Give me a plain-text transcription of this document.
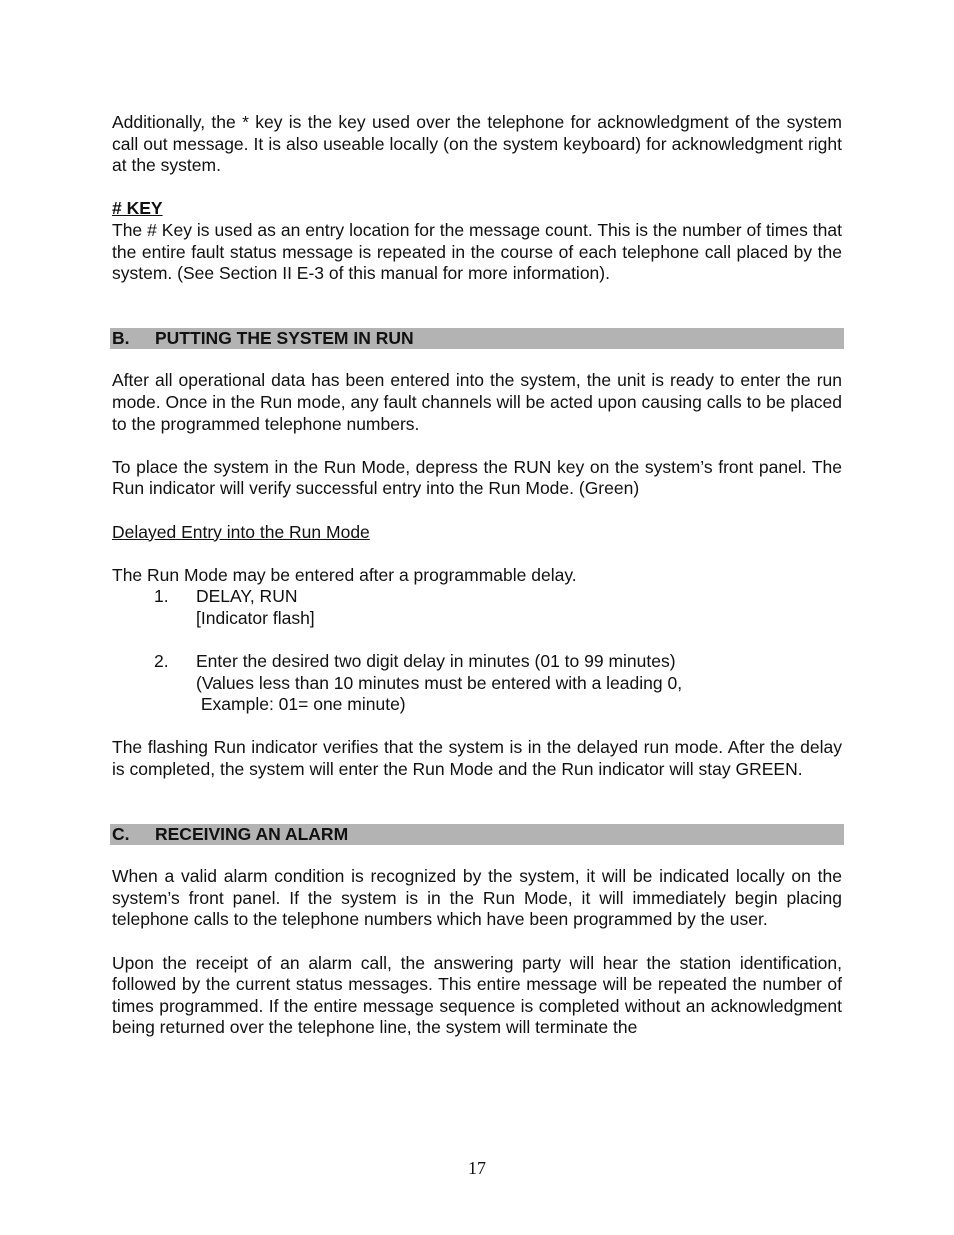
Additionally, the * key is the key used over the telephone for acknowledgment of the system call out message. It is also useable locally (on the system keyboard) for acknowledgment right at the system.

# KEY

The # Key is used as an entry location for the message count. This is the number of times that the entire fault status message is repeated in the course of each telephone call placed by the system. (See Section II E-3 of this manual for more information).

B. PUTTING THE SYSTEM IN RUN

After all operational data has been entered into the system, the unit is ready to enter the run mode. Once in the Run mode, any fault channels will be acted upon causing calls to be placed to the programmed telephone numbers.

To place the system in the Run Mode, depress the RUN key on the system’s front panel. The Run indicator will verify successful entry into the Run Mode. (Green)

Delayed Entry into the Run Mode

The Run Mode may be entered after a programmable delay.

1. DELAY, RUN
[Indicator flash]
2. Enter the desired two digit delay in minutes (01 to 99 minutes)
(Values less than 10 minutes must be entered with a leading 0,
Example: 01= one minute)

The flashing Run indicator verifies that the system is in the delayed run mode. After the delay is completed, the system will enter the Run Mode and the Run indicator will stay GREEN.

C. RECEIVING AN ALARM

When a valid alarm condition is recognized by the system, it will be indicated locally on the system’s front panel. If the system is in the Run Mode, it will immediately begin placing telephone calls to the telephone numbers which have been programmed by the user.

Upon the receipt of an alarm call, the answering party will hear the station identification, followed by the current status messages. This entire message will be repeated the number of times programmed. If the entire message sequence is completed without an acknowledgment being returned over the telephone line, the system will terminate the

17
